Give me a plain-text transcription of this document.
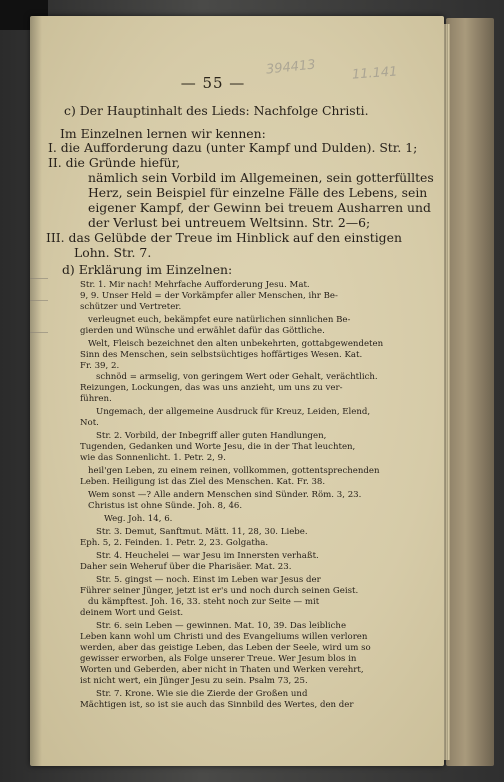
— 55 —
394413	11.141
c) Der Hauptinhalt des Lieds: Nachfolge Christi.
Im Einzelnen lernen wir kennen:
I. die Aufforderung dazu (unter Kampf und Dulden). Str. 1;
II. die Gründe hiefür,
nämlich sein Vorbild im Allgemeinen, sein gotterfülltes
Herz, sein Beispiel für einzelne Fälle des Lebens, sein
eigener Kampf, der Gewinn bei treuem Ausharren und
der Verlust bei untreuem Weltsinn. Str. 2—6;
III. das Gelübde der Treue im Hinblick auf den einstigen
Lohn. Str. 7.
d) Erklärung im Einzelnen:
Str. 1. Mir nach! Mehrfache Aufforderung Jesu. Mat.
9, 9. Unser Held = der Vorkämpfer aller Menschen, ihr Be-
schützer und Vertreter.
verleugnet euch, bekämpfet eure natürlichen sinnlichen Be-
gierden und Wünsche und erwählet dafür das Göttliche.
Welt, Fleisch bezeichnet den alten unbekehrten, gottabgewendeten
Sinn des Menschen, sein selbstsüchtiges hoffärtiges Wesen. Kat.
Fr. 39, 2.
schnöd = armselig, von geringem Wert oder Gehalt, verächtlich.
Reizungen, Lockungen, das was uns anzieht, um uns zu ver-
führen.
Ungemach, der allgemeine Ausdruck für Kreuz, Leiden, Elend,
Not.
Str. 2. Vorbild, der Inbegriff aller guten Handlungen,
Tugenden, Gedanken und Worte Jesu, die in der That leuchten,
wie das Sonnenlicht. 1. Petr. 2, 9.
heil'gen Leben, zu einem reinen, vollkommen, gottentsprechenden
Leben. Heiligung ist das Ziel des Menschen. Kat. Fr. 38.
Wem sonst —? Alle andern Menschen sind Sünder. Röm. 3, 23.
Christus ist ohne Sünde. Joh. 8, 46.
Weg. Joh. 14, 6.
Str. 3. Demut, Sanftmut. Mätt. 11, 28, 30. Liebe.
Eph. 5, 2. Feinden. 1. Petr. 2, 23. Golgatha.
Str. 4. Heuchelei — war Jesu im Innersten verhaßt.
Daher sein Weheruf über die Pharisäer. Mat. 23.
Str. 5. gingst — noch. Einst im Leben war Jesus der
Führer seiner Jünger, jetzt ist er's und noch durch seinen Geist.
du kämpftest. Joh. 16, 33. steht noch zur Seite — mit
deinem Wort und Geist.
Str. 6. sein Leben — gewinnen. Mat. 10, 39. Das leibliche
Leben kann wohl um Christi und des Evangeliums willen verloren
werden, aber das geistige Leben, das Leben der Seele, wird um so
gewisser erworben, als Folge unserer Treue. Wer Jesum blos in
Worten und Geberden, aber nicht in Thaten und Werken verehrt,
ist nicht wert, ein Jünger Jesu zu sein. Psalm 73, 25.
Str. 7. Krone. Wie sie die Zierde der Großen und
Mächtigen ist, so ist sie auch das Sinnbild des Wertes, den der
